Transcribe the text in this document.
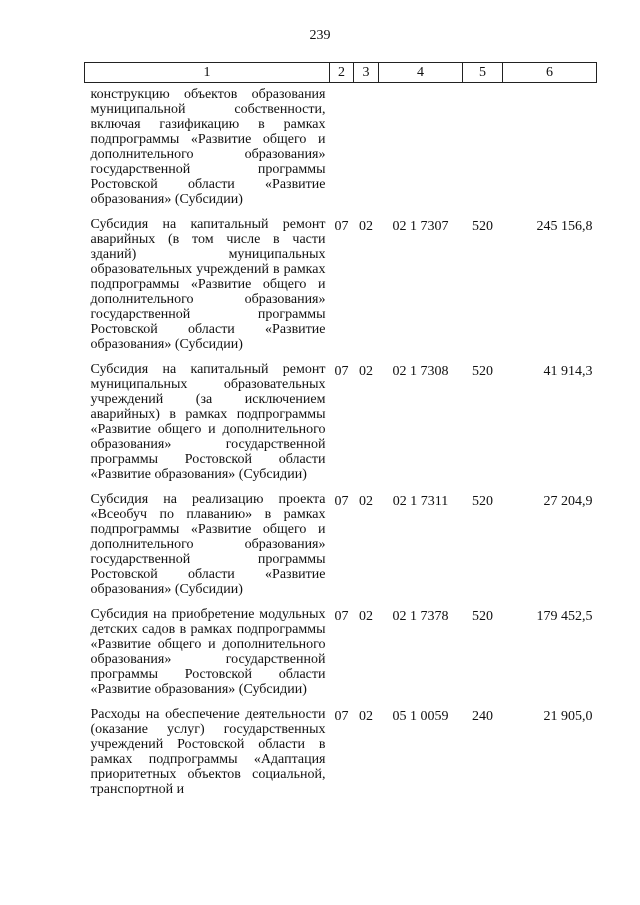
239
1	2	3	4	5	6
конструкцию объектов образования муниципальной собственности, включая газификацию в рамках подпрограммы «Развитие общего и дополнительного образования» государственной программы Ростовской области «Развитие образования» (Субсидии)					
Субсидия на капитальный ремонт аварийных (в том числе в части зданий) муниципальных образовательных учреждений в рамках подпрограммы «Развитие общего и дополнительного образования» государственной программы Ростовской области «Развитие образования» (Субсидии)	07	02	02 1 7307	520	245 156,8
Субсидия на капитальный ремонт муниципальных образовательных учреждений (за исключением аварийных) в рамках подпрограммы «Развитие общего и дополнительного образования» государственной программы Ростовской области «Развитие образования» (Субсидии)	07	02	02 1 7308	520	41 914,3
Субсидия на реализацию проекта «Всеобуч по плаванию» в рамках подпрограммы «Развитие общего и дополнительного образования» государственной программы Ростовской области «Развитие образования» (Субсидии)	07	02	02 1 7311	520	27 204,9
Субсидия на приобретение модульных детских садов в рамках подпрограммы «Развитие общего и дополнительного образования» государственной программы Ростовской области «Развитие образования» (Субсидии)	07	02	02 1 7378	520	179 452,5
Расходы на обеспечение деятельности (оказание услуг) государственных учреждений Ростовской области в рамках подпрограммы «Адаптация приоритетных объектов социальной, транспортной и	07	02	05 1 0059	240	21 905,0
